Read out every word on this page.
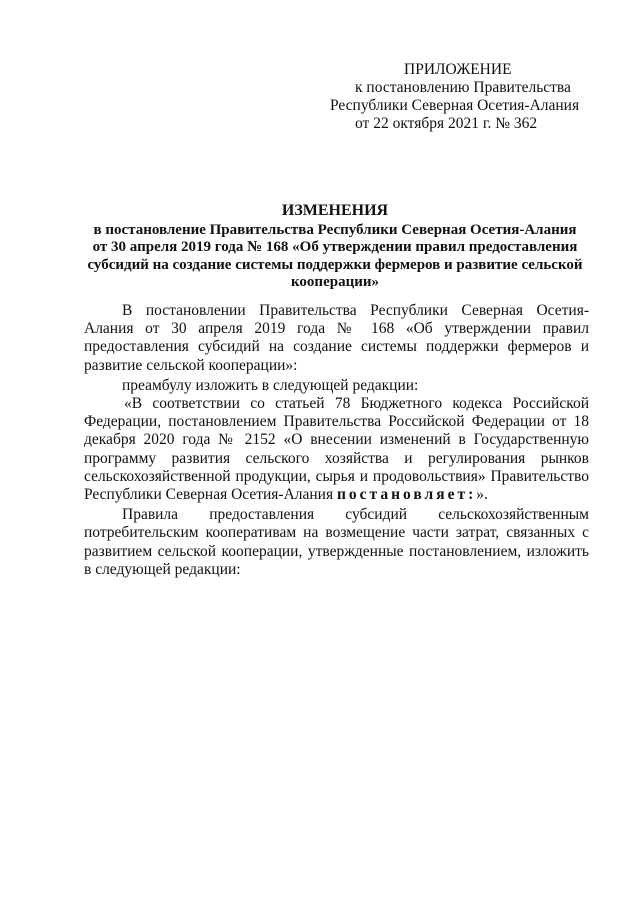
ПРИЛОЖЕНИЕ
к постановлению Правительства
Республики Северная Осетия-Алания
от 22 октября 2021 г. № 362
ИЗМЕНЕНИЯ
в постановление Правительства Республики Северная Осетия-Алания
от 30 апреля 2019 года № 168 «Об утверждении правил предоставления
субсидий на создание системы поддержки фермеров и развитие сельской
кооперации»

В постановлении Правительства Республики Северная Осетия-Алания от 30 апреля 2019 года № 168 «Об утверждении правил предоставления субсидий на создание системы поддержки фермеров и развитие сельской кооперации»:

преамбулу изложить в следующей редакции:

«В соответствии со статьей 78 Бюджетного кодекса Российской Федерации, постановлением Правительства Российской Федерации от 18 декабря 2020 года № 2152 «О внесении изменений в Государственную программу развития сельского хозяйства и регулирования рынков сельскохозяйственной продукции, сырья и продовольствия» Правительство Республики Северная Осетия-Алания постановляет:».

Правила предоставления субсидий сельскохозяйственным потребительским кооперативам на возмещение части затрат, связанных с развитием сельской кооперации, утвержденные постановлением, изложить в следующей редакции:
